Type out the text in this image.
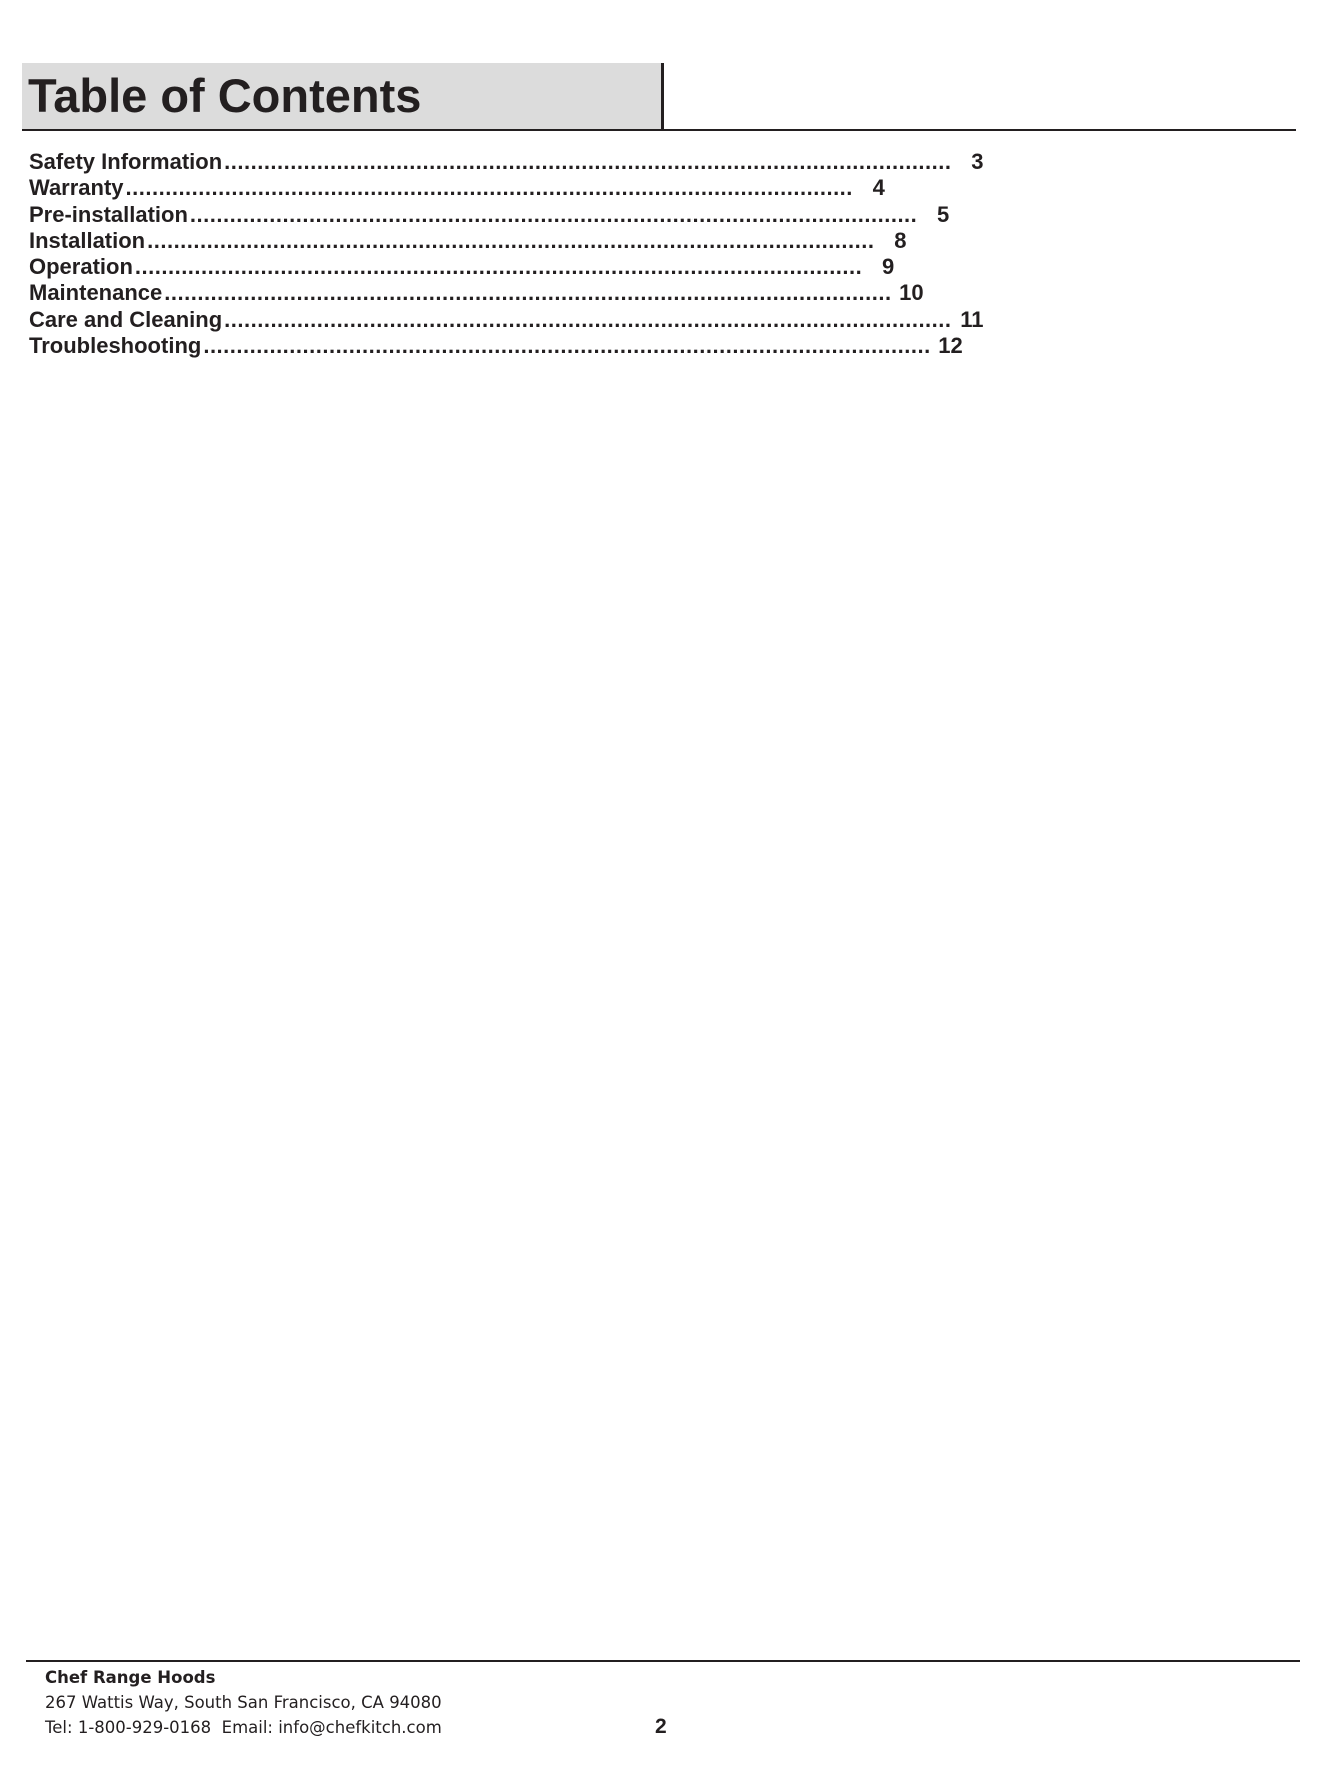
Table of Contents
Safety Information .............................................................................................................. 3
Warranty .............................................................................................................. 4
Pre-installation .............................................................................................................. 5
Installation .............................................................................................................. 8
Operation .............................................................................................................. 9
Maintenance .............................................................................................................. 10
Care and Cleaning .............................................................................................................. 11
Troubleshooting .............................................................................................................. 12
Chef Range Hoods
267 Wattis Way, South San Francisco, CA 94080
Tel: 1-800-929-0168  Email: info@chefkitch.com	2
